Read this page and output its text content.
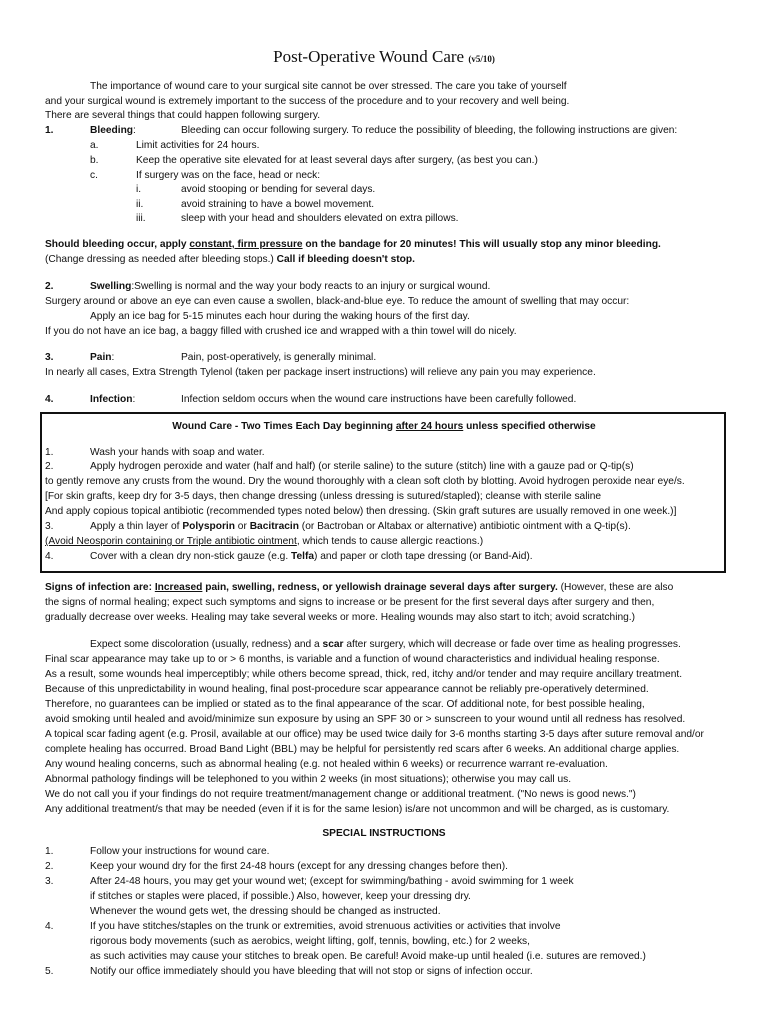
Post-Operative Wound Care (v5/10)
The importance of wound care to your surgical site cannot be over stressed. The care you take of yourself
and your surgical wound is extremely important to the success of the procedure and to your recovery and well being.
There are several things that could happen following surgery.
1.	Bleeding:	Bleeding can occur following surgery. To reduce the possibility of bleeding, the following instructions are given:
a.	Limit activities for 24 hours.
b.	Keep the operative site elevated for at least several days after surgery, (as best you can.)
c.	If surgery was on the face, head or neck:
i.	avoid stooping or bending for several days.
ii.	avoid straining to have a bowel movement.
iii.	sleep with your head and shoulders elevated on extra pillows.
Should bleeding occur, apply constant, firm pressure on the bandage for 20 minutes! This will usually stop any minor bleeding.
(Change dressing as needed after bleeding stops.) Call if bleeding doesn't stop.
2.	Swelling:Swelling is normal and the way your body reacts to an injury or surgical wound.
Surgery around or above an eye can even cause a swollen, black-and-blue eye. To reduce the amount of swelling that may occur:
Apply an ice bag for 5-15 minutes each hour during the waking hours of the first day.
If you do not have an ice bag, a baggy filled with crushed ice and wrapped with a thin towel will do nicely.
3.	Pain:	Pain, post-operatively, is generally minimal.
In nearly all cases, Extra Strength Tylenol (taken per package insert instructions) will relieve any pain you may experience.
4.	Infection:	Infection seldom occurs when the wound care instructions have been carefully followed.
Wound Care - Two Times Each Day beginning after 24 hours unless specified otherwise
1.	Wash your hands with soap and water.
2.	Apply hydrogen peroxide and water (half and half) (or sterile saline) to the suture (stitch) line with a gauze pad or Q-tip(s)
to gently remove any crusts from the wound. Dry the wound thoroughly with a clean soft cloth by blotting. Avoid hydrogen peroxide near eye/s.
[For skin grafts, keep dry for 3-5 days, then change dressing (unless dressing is sutured/stapled); cleanse with sterile saline
And apply copious topical antibiotic (recommended types noted below) then dressing. (Skin graft sutures are usually removed in one week.)]
3.	Apply a thin layer of Polysporin or Bacitracin (or Bactroban or Altabax or alternative) antibiotic ointment with a Q-tip(s).
(Avoid Neosporin containing or Triple antibiotic ointment, which tends to cause allergic reactions.)
4.	Cover with a clean dry non-stick gauze (e.g. Telfa) and paper or cloth tape dressing (or Band-Aid).
Signs of infection are: Increased pain, swelling, redness, or yellowish drainage several days after surgery. (However, these are also
the signs of normal healing; expect such symptoms and signs to increase or be present for the first several days after surgery and then,
gradually decrease over weeks. Healing may take several weeks or more. Healing wounds may also start to itch; avoid scratching.)
Expect some discoloration (usually, redness) and a scar after surgery, which will decrease or fade over time as healing progresses.
Final scar appearance may take up to or > 6 months, is variable and a function of wound characteristics and individual healing response.
As a result, some wounds heal imperceptibly; while others become spread, thick, red, itchy and/or tender and may require ancillary treatment.
Because of this unpredictability in wound healing, final post-procedure scar appearance cannot be reliably pre-operatively determined.
Therefore, no guarantees can be implied or stated as to the final appearance of the scar. Of additional note, for best possible healing,
avoid smoking until healed and avoid/minimize sun exposure by using an SPF 30 or > sunscreen to your wound until all redness has resolved.
A topical scar fading agent (e.g. Prosil, available at our office) may be used twice daily for 3-6 months starting 3-5 days after suture removal and/or
complete healing has occurred. Broad Band Light (BBL) may be helpful for persistently red scars after 6 weeks. An additional charge applies.
Any wound healing concerns, such as abnormal healing (e.g. not healed within 6 weeks) or recurrence warrant re-evaluation.
Abnormal pathology findings will be telephoned to you within 2 weeks (in most situations); otherwise you may call us.
We do not call you if your findings do not require treatment/management change or additional treatment. ("No news is good news.")
Any additional treatment/s that may be needed (even if it is for the same lesion) is/are not uncommon and will be charged, as is customary.
SPECIAL INSTRUCTIONS
1.	Follow your instructions for wound care.
2.	Keep your wound dry for the first 24-48 hours (except for any dressing changes before then).
3.	After 24-48 hours, you may get your wound wet; (except for swimming/bathing - avoid swimming for 1 week
if stitches or staples were placed, if possible.) Also, however, keep your dressing dry.
Whenever the wound gets wet, the dressing should be changed as instructed.
4.	If you have stitches/staples on the trunk or extremities, avoid strenuous activities or activities that involve
rigorous body movements (such as aerobics, weight lifting, golf, tennis, bowling, etc.) for 2 weeks,
as such activities may cause your stitches to break open. Be careful! Avoid make-up until healed (i.e. sutures are removed.)
5.	Notify our office immediately should you have bleeding that will not stop or signs of infection occur.
